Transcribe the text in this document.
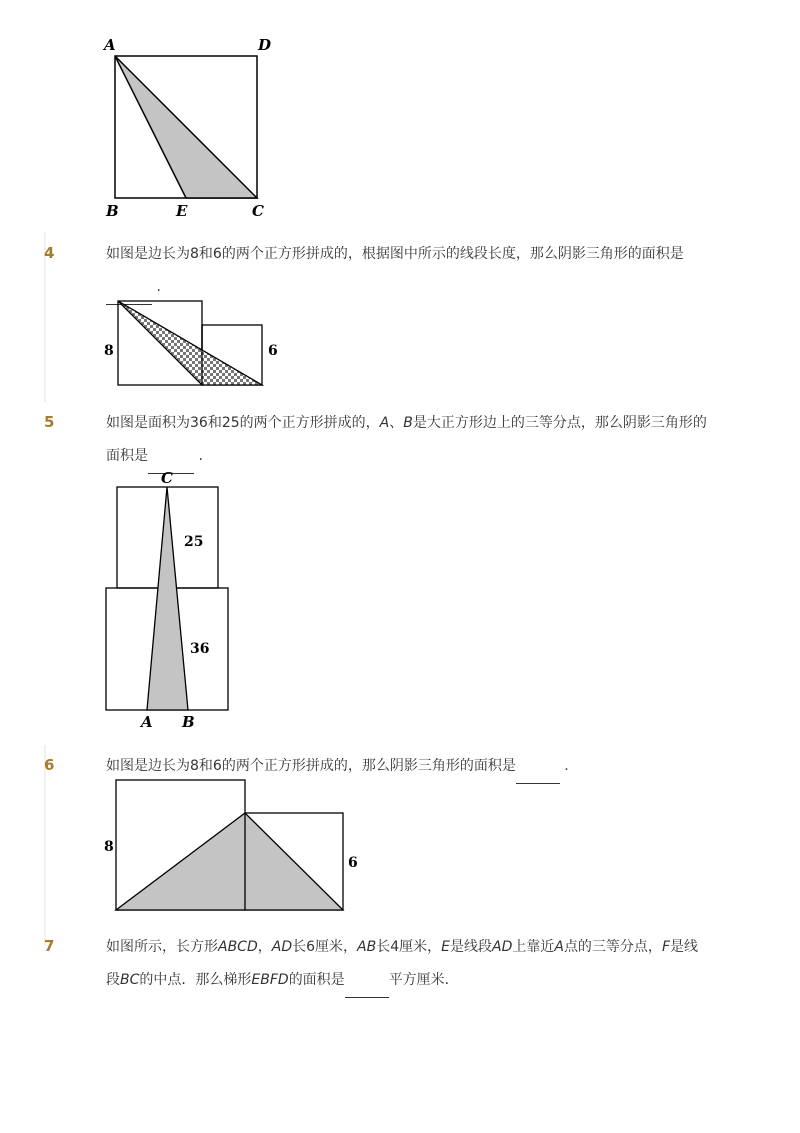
A	D
B	E	C
4	如图是边长为8和6的两个正方形拼成的，根据图中所示的线段长度，那么阴影三角形的面积是
.
8	6
5	如图是面积为36和25的两个正方形拼成的，A、B是大正方形边上的三等分点，那么阴影三角形的
面积是	.
C
25
36
A B
6	如图是边长为8和6的两个正方形拼成的，那么阴影三角形的面积是	.
8
6
7	如图所示，长方形ABCD，AD长6厘米，AB长4厘米，E是线段AD上靠近A点的三等分点，F是线
段BC的中点．那么梯形EBFD的面积是	平方厘米．
